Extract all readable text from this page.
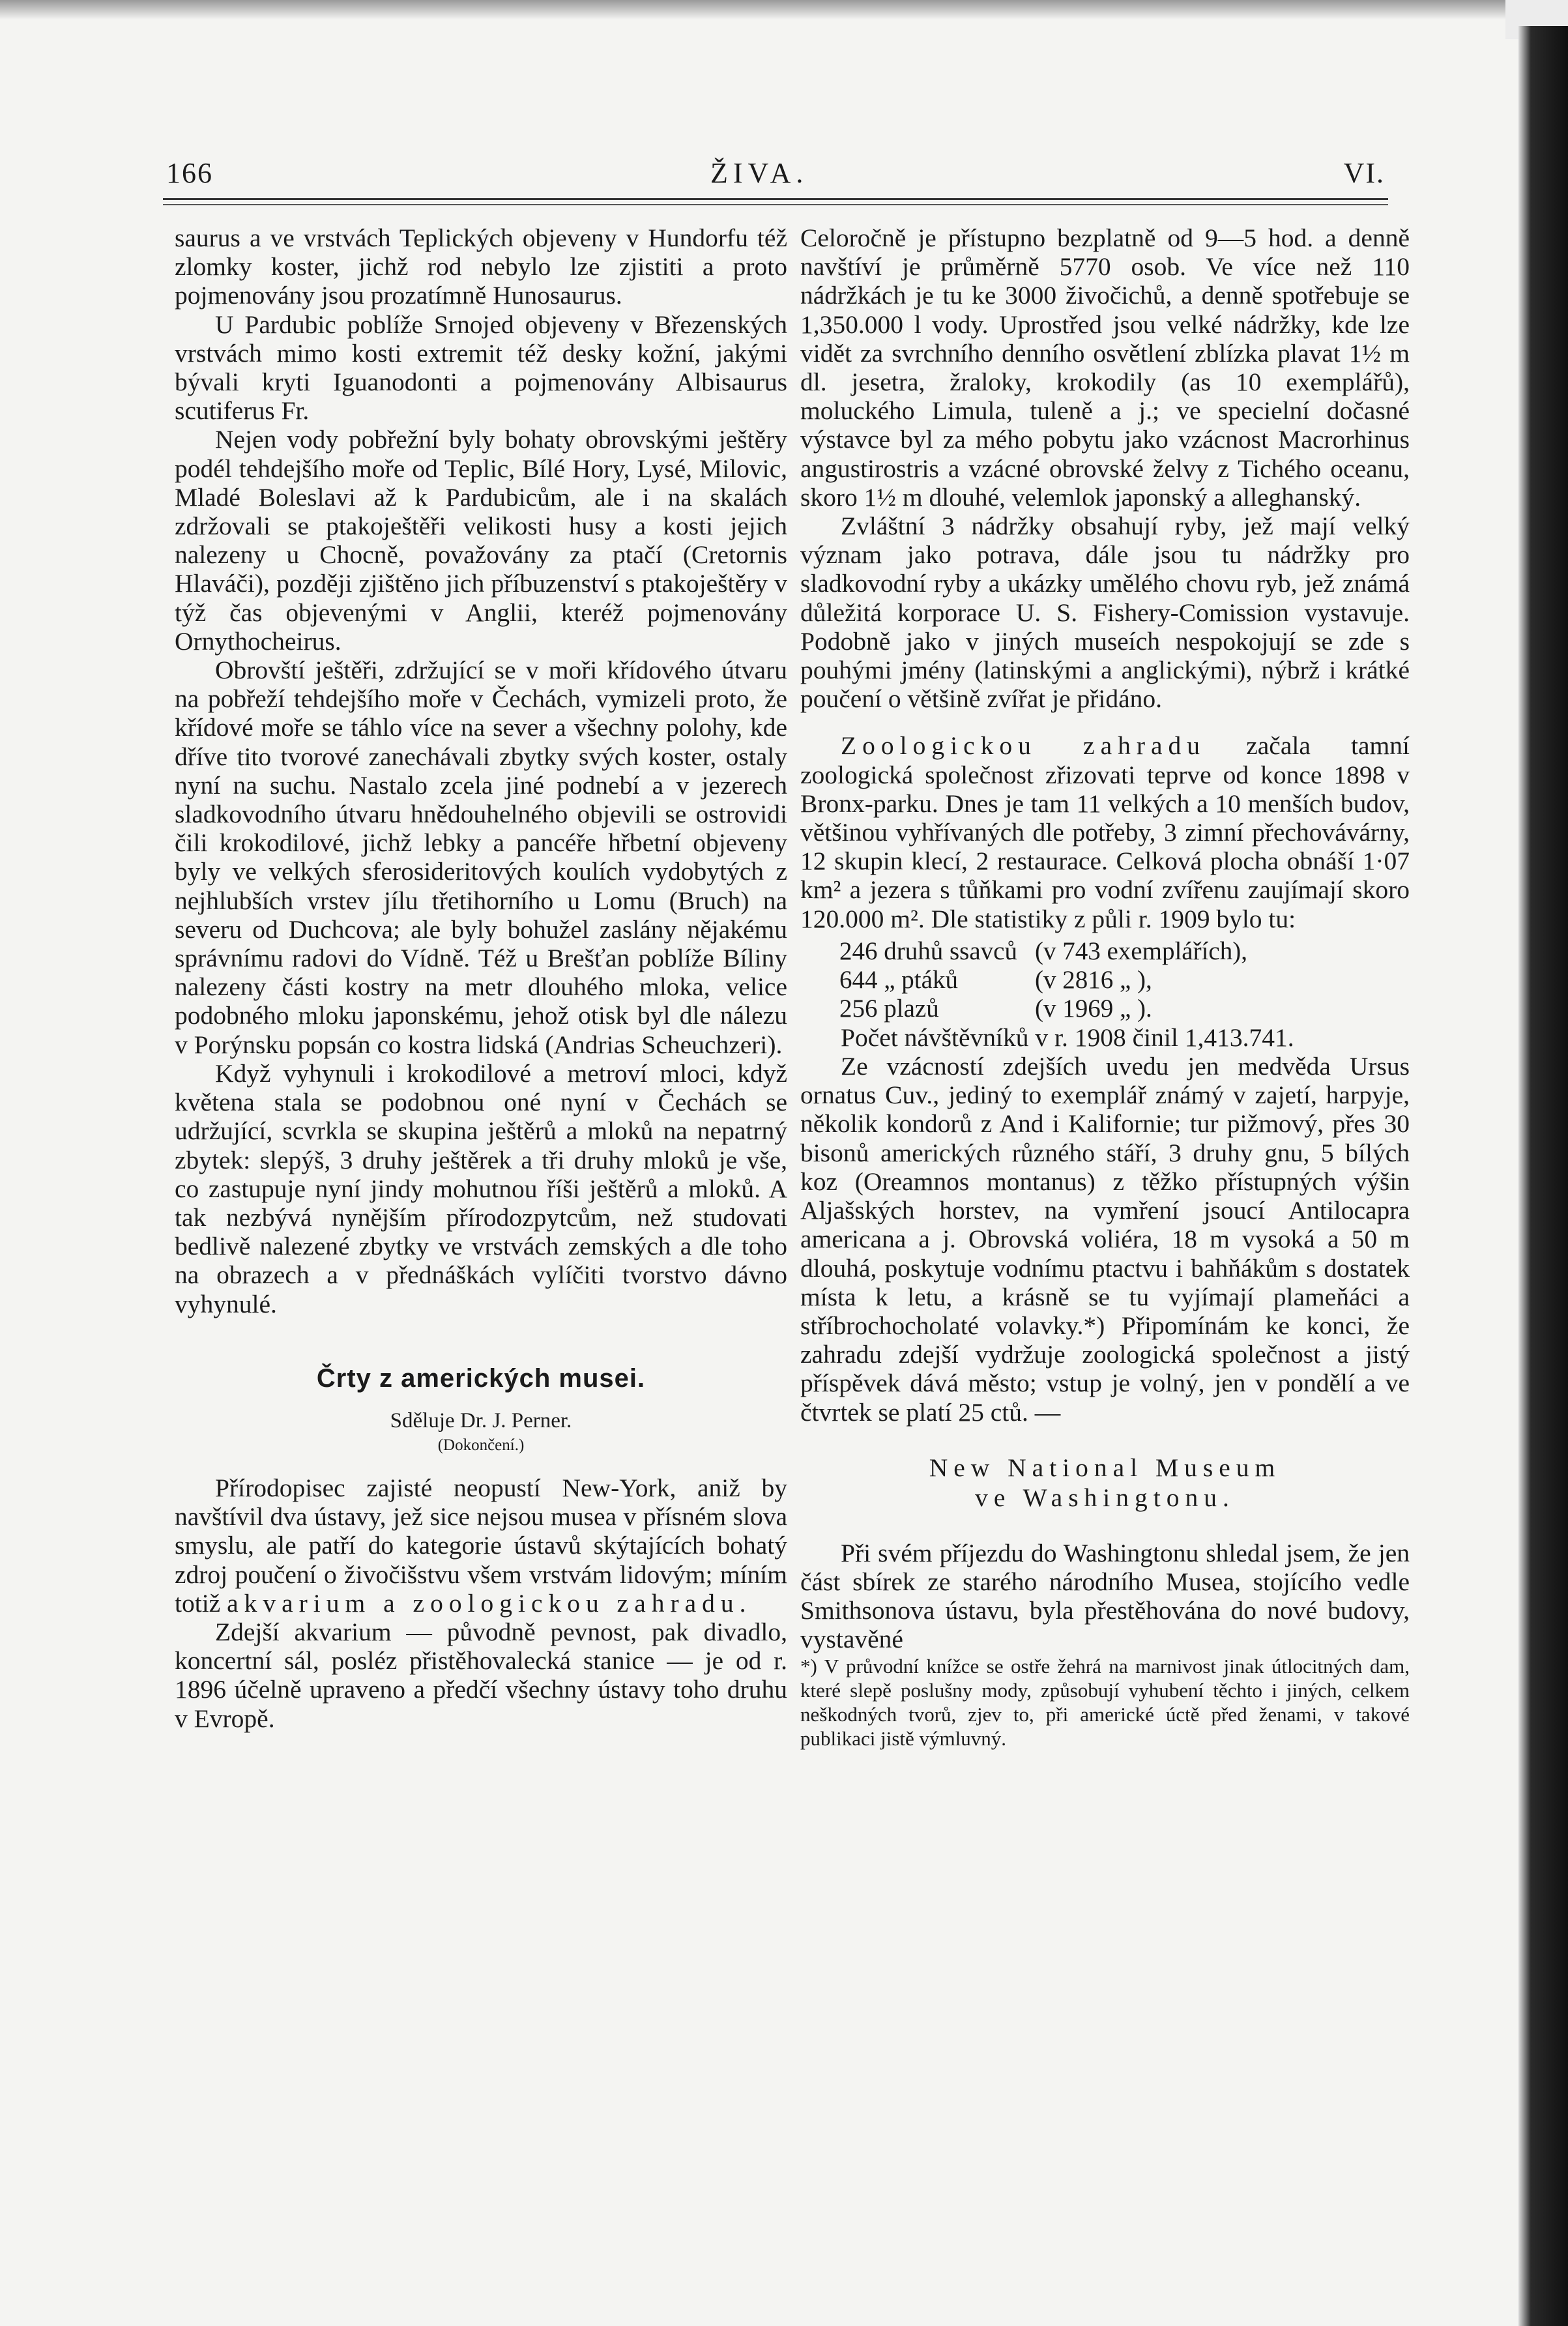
166	ŽIVA.	VI.

saurus a ve vrstvách Teplických objeveny v Hundorfu též zlomky koster, jichž rod nebylo lze zjistiti a proto pojmenovány jsou prozatímně Hunosaurus.

U Pardubic poblíže Srnojed objeveny v Březenských vrstvách mimo kosti extremit též desky kožní, jakými bývali kryti Iguanodonti a pojmenovány Albisaurus scutiferus Fr.

Nejen vody pobřežní byly bohaty obrovskými ještěry podél tehdejšího moře od Teplic, Bílé Hory, Lysé, Milovic, Mladé Boleslavi až k Pardubicům, ale i na skalách zdržovali se ptakoještěři velikosti husy a kosti jejich nalezeny u Chocně, považovány za ptačí (Cretornis Hlaváči), později zjištěno jich příbuzenství s ptakoještěry v týž čas objevenými v Anglii, kteréž pojmenovány Ornythocheirus.

Obrovští ještěři, zdržující se v moři křídového útvaru na pobřeží tehdejšího moře v Čechách, vymizeli proto, že křídové moře se táhlo více na sever a všechny polohy, kde dříve tito tvorové zanechávali zbytky svých koster, ostaly nyní na suchu. Nastalo zcela jiné podnebí a v jezerech sladkovodního útvaru hnědouhelného objevili se ostrovidi čili krokodilové, jichž lebky a pancéře hřbetní objeveny byly ve velkých sferosideritových koulích vydobytých z nejhlubších vrstev jílu třetihorního u Lomu (Bruch) na severu od Duchcova; ale byly bohužel zaslány nějakému správnímu radovi do Vídně. Též u Brešťan poblíže Bíliny nalezeny části kostry na metr dlouhého mloka, velice podobného mloku japonskému, jehož otisk byl dle nálezu v Porýnsku popsán co kostra lidská (Andrias Scheuchzeri).

Když vyhynuli i krokodilové a metroví mloci, když květena stala se podobnou oné nyní v Čechách se udržující, scvrkla se skupina ještěrů a mloků na nepatrný zbytek: slepýš, 3 druhy ještěrek a tři druhy mloků je vše, co zastupuje nyní jindy mohutnou říši ještěrů a mloků. A tak nezbývá nynějším přírodozpytcům, než studovati bedlivě nalezené zbytky ve vrstvách zemských a dle toho na obrazech a v přednáškách vylíčiti tvorstvo dávno vyhynulé.

Črty z amerických musei.
Sděluje Dr. J. Perner.
(Dokončení.)

Přírodopisec zajisté neopustí New-York, aniž by navštívil dva ústavy, jež sice nejsou musea v přísném slova smyslu, ale patří do kategorie ústavů skýtajících bohatý zdroj poučení o živočišstvu všem vrstvám lidovým; míním totiž akvarium a zoologickou zahradu.

Zdejší akvarium — původně pevnost, pak divadlo, koncertní sál, posléz přistěhovalecká stanice — je od r. 1896 účelně upraveno a předčí všechny ústavy toho druhu v Evropě.

Celoročně je přístupno bezplatně od 9—5 hod. a denně navštíví je průměrně 5770 osob. Ve více než 110 nádržkách je tu ke 3000 živočichů, a denně spotřebuje se 1,350.000 l vody. Uprostřed jsou velké nádržky, kde lze vidět za svrchního denního osvětlení zblízka plavat 1½ m dl. jesetra, žraloky, krokodily (as 10 exemplářů), moluckého Limula, tuleně a j.; ve specielní dočasné výstavce byl za mého pobytu jako vzácnost Macrorhinus angustirostris a vzácné obrovské želvy z Tichého oceanu, skoro 1½ m dlouhé, velemlok japonský a alleghanský.

Zvláštní 3 nádržky obsahují ryby, jež mají velký význam jako potrava, dále jsou tu nádržky pro sladkovodní ryby a ukázky umělého chovu ryb, jež známá důležitá korporace U. S. Fishery-Comission vystavuje. Podobně jako v jiných museích nespokojují se zde s pouhými jmény (latinskými a anglickými), nýbrž i krátké poučení o většině zvířat je přidáno.

Zoologickou zahradu začala tamní zoologická společnost zřizovati teprve od konce 1898 v Bronx-parku. Dnes je tam 11 velkých a 10 menších budov, většinou vyhřívaných dle potřeby, 3 zimní přechovávárny, 12 skupin klecí, 2 restaurace. Celková plocha obnáší 1·07 km² a jezera s tůňkami pro vodní zvířenu zaujímají skoro 120.000 m². Dle statistiky z půli r. 1909 bylo tu:

246 druhů ssavců (v 743 exemplářích),
644 „ ptáků	(v 2816 „ ),
256 plazů	(v 1969 „ ).

Počet návštěvníků v r. 1908 činil 1,413.741.

Ze vzácností zdejších uvedu jen medvěda Ursus ornatus Cuv., jediný to exemplář známý v zajetí, harpyje, několik kondorů z And i Kalifornie; tur pižmový, přes 30 bisonů amerických různého stáří, 3 druhy gnu, 5 bílých koz (Oreamnos montanus) z těžko přístupných výšin Aljašských horstev, na vymření jsoucí Antilocapra americana a j. Obrovská voliéra, 18 m vysoká a 50 m dlouhá, poskytuje vodnímu ptactvu i bahňákům s dostatek místa k letu, a krásně se tu vyjímají plameňáci a stříbrochocholaté volavky.*) Připomínám ke konci, že zahradu zdejší vydržuje zoologická společnost a jistý příspěvek dává město; vstup je volný, jen v pondělí a ve čtvrtek se platí 25 ctů. —

New National Museum
ve Washingtonu.

Při svém příjezdu do Washingtonu shledal jsem, že jen část sbírek ze starého národního Musea, stojícího vedle Smithsonova ústavu, byla přestěhována do nové budovy, vystavěné

*) V průvodní knížce se ostře žehrá na marnivost jinak útlocitných dam, které slepě poslušny mody, způsobují vyhubení těchto i jiných, celkem neškodných tvorů, zjev to, při americké úctě před ženami, v takové publikaci jistě výmluvný.
